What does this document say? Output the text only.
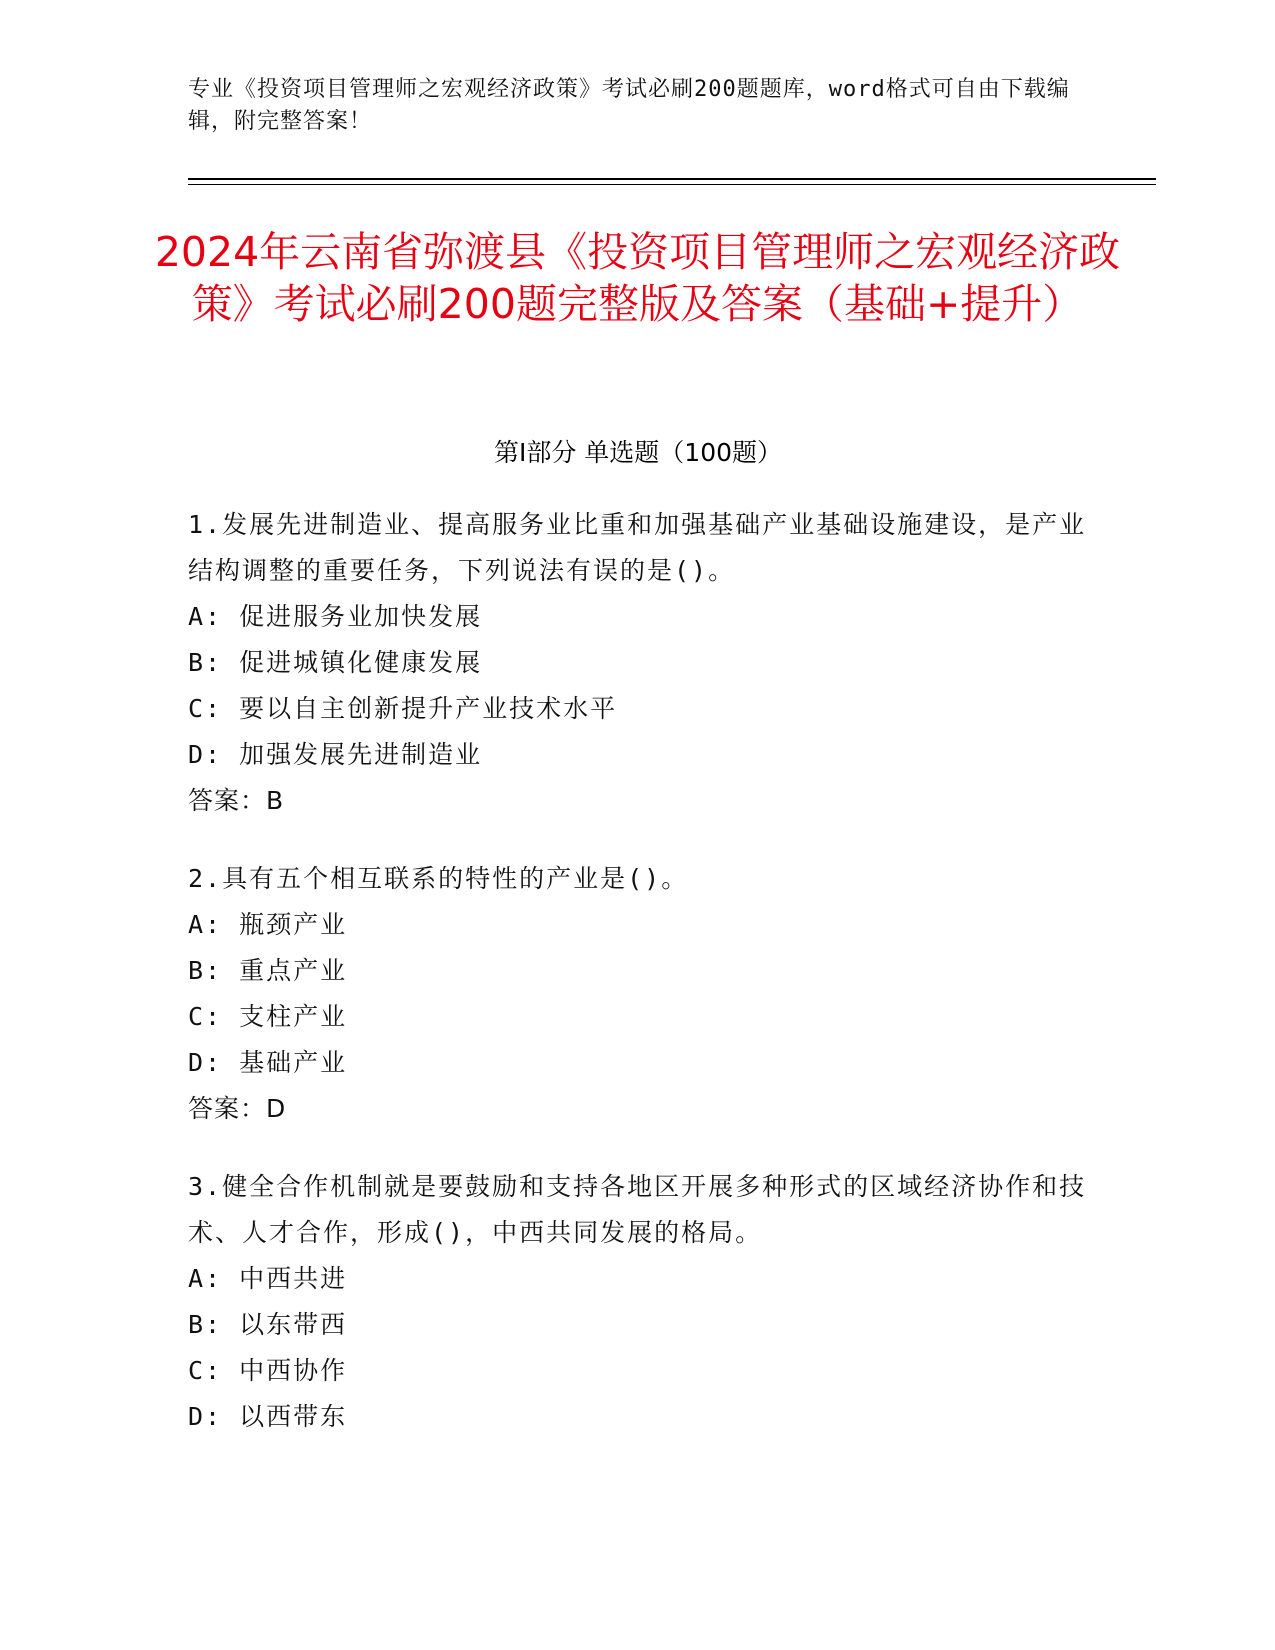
专业《投资项目管理师之宏观经济政策》考试必刷200题题库，word格式可自由下载编辑，附完整答案！
2024年云南省弥渡县《投资项目管理师之宏观经济政策》考试必刷200题完整版及答案（基础+提升）
第Ⅰ部分 单选题（100题）
1.发展先进制造业、提高服务业比重和加强基础产业基础设施建设，是产业结构调整的重要任务，下列说法有误的是()。
A: 促进服务业加快发展
B: 促进城镇化健康发展
C: 要以自主创新提升产业技术水平
D: 加强发展先进制造业
答案：B
2.具有五个相互联系的特性的产业是()。
A: 瓶颈产业
B: 重点产业
C: 支柱产业
D: 基础产业
答案：D
3.健全合作机制就是要鼓励和支持各地区开展多种形式的区域经济协作和技术、人才合作，形成()，中西共同发展的格局。
A: 中西共进
B: 以东带西
C: 中西协作
D: 以西带东
